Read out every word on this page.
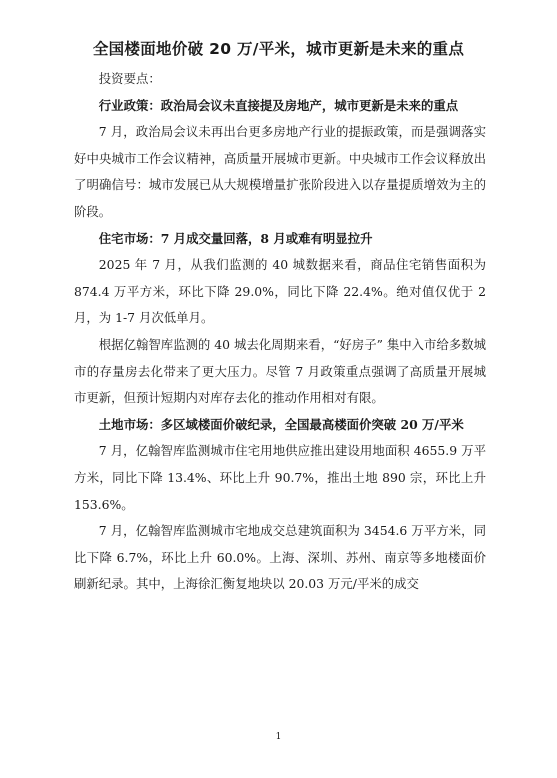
全国楼面地价破 20 万/平米，城市更新是未来的重点

投资要点：

行业政策：政治局会议未直接提及房地产，城市更新是未来的重点

7 月，政治局会议未再出台更多房地产行业的提振政策，而是强调落实好中央城市工作会议精神，高质量开展城市更新。中央城市工作会议释放出了明确信号：城市发展已从大规模增量扩张阶段进入以存量提质增效为主的阶段。

住宅市场：7 月成交量回落，8 月或难有明显拉升

2025 年 7 月，从我们监测的 40 城数据来看，商品住宅销售面积为 874.4 万平方米，环比下降 29.0%，同比下降 22.4%。绝对值仅优于 2 月，为 1-7 月次低单月。

根据亿翰智库监测的 40 城去化周期来看，“好房子” 集中入市给多数城市的存量房去化带来了更大压力。尽管 7 月政策重点强调了高质量开展城市更新，但预计短期内对库存去化的推动作用相对有限。

土地市场：多区域楼面价破纪录，全国最高楼面价突破 20 万/平米

7 月，亿翰智库监测城市住宅用地供应推出建设用地面积 4655.9 万平方米，同比下降 13.4%、环比上升 90.7%，推出土地 890 宗，环比上升 153.6%。

7 月，亿翰智库监测城市宅地成交总建筑面积为 3454.6 万平方米，同比下降 6.7%，环比上升 60.0%。上海、深圳、苏州、南京等多地楼面价刷新纪录。其中，上海徐汇衡复地块以 20.03 万元/平米的成交

1
